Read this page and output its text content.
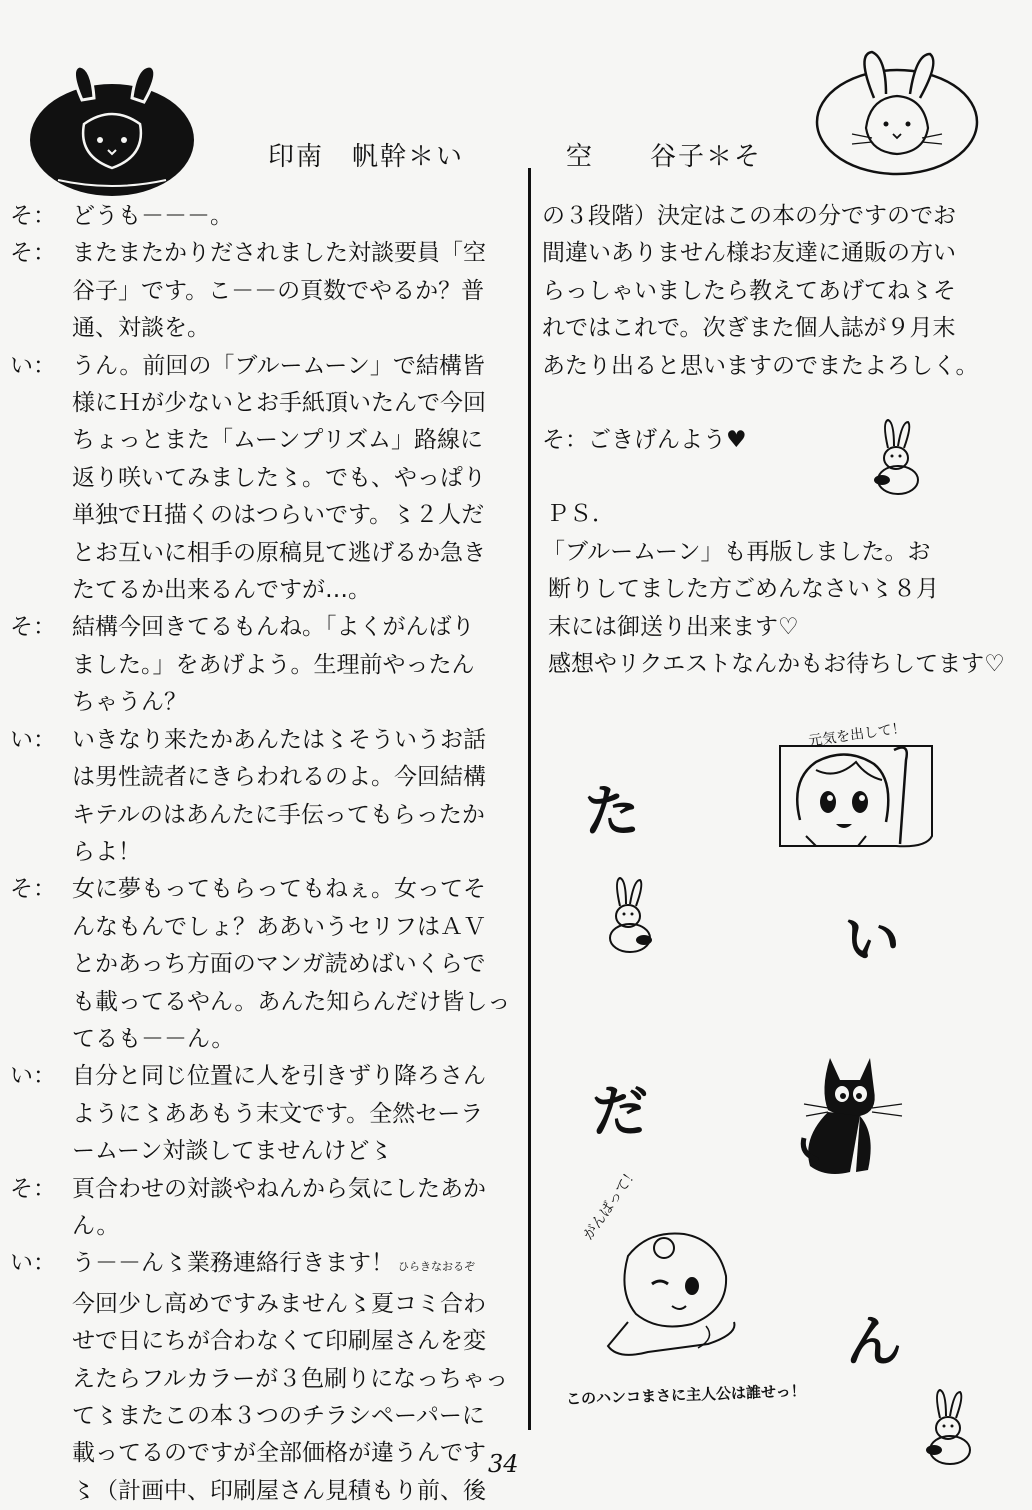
印南　帆幹＊い	空　　谷子＊そ
そ： どうも－－－。
そ： またまたかりだされました対談要員「空
谷子」です。こ－－の頁数でやるか？普
通、対談を。
い： うん。前回の「ブルームーン」で結構皆
様にＨが少ないとお手紙頂いたんで今回
ちょっとまた「ムーンプリズム」路線に
返り咲いてみました〻。でも、やっぱり
単独でＨ描くのはつらいです。〻２人だ
とお互いに相手の原稿見て逃げるか急き
たてるか出来るんですが…。
そ： 結構今回きてるもんね。「よくがんばり
ました。」をあげよう。生理前やったん
ちゃうん？
い： いきなり来たかあんたは〻そういうお話
は男性読者にきらわれるのよ。今回結構
キテルのはあんたに手伝ってもらったか
らよ！
そ： 女に夢もってもらってもねぇ。女ってそ
んなもんでしょ？ああいうセリフはＡＶ
とかあっち方面のマンガ読めばいくらで
も載ってるやん。あんた知らんだけ皆しっ
てるも－－ん。
い： 自分と同じ位置に人を引きずり降ろさん
ように〻ああもう末文です。全然セーラ
ームーン対談してませんけど〻
そ： 頁合わせの対談やねんから気にしたあか
ん。
い： う－－ん〻業務連絡行きます！ ひらきなおるぞ
今回少し高めですみません〻夏コミ合わ
せで日にちが合わなくて印刷屋さんを変
えたらフルカラーが３色刷りになっちゃっ
て〻またこの本３つのチラシペーパーに
載ってるのですが全部価格が違うんです
〻（計画中、印刷屋さん見積もり前、後
の３段階）決定はこの本の分ですのでお
間違いありません様お友達に通販の方い
らっしゃいましたら教えてあげてね〻そ
れではこれで。次ぎまた個人誌が９月末
あたり出ると思いますのでまたよろしく。
そ：ごきげんよう♥
ＰＳ．
「ブルームーン」も再版しました。お
断りしてました方ごめんなさい〻８月
末には御送り出来ます♡
感想やリクエストなんかもお待ちしてます♡
元気を出して！
がんばって！
た
い
だ
ん
このハンコまさに主人公は誰せっ！
34
